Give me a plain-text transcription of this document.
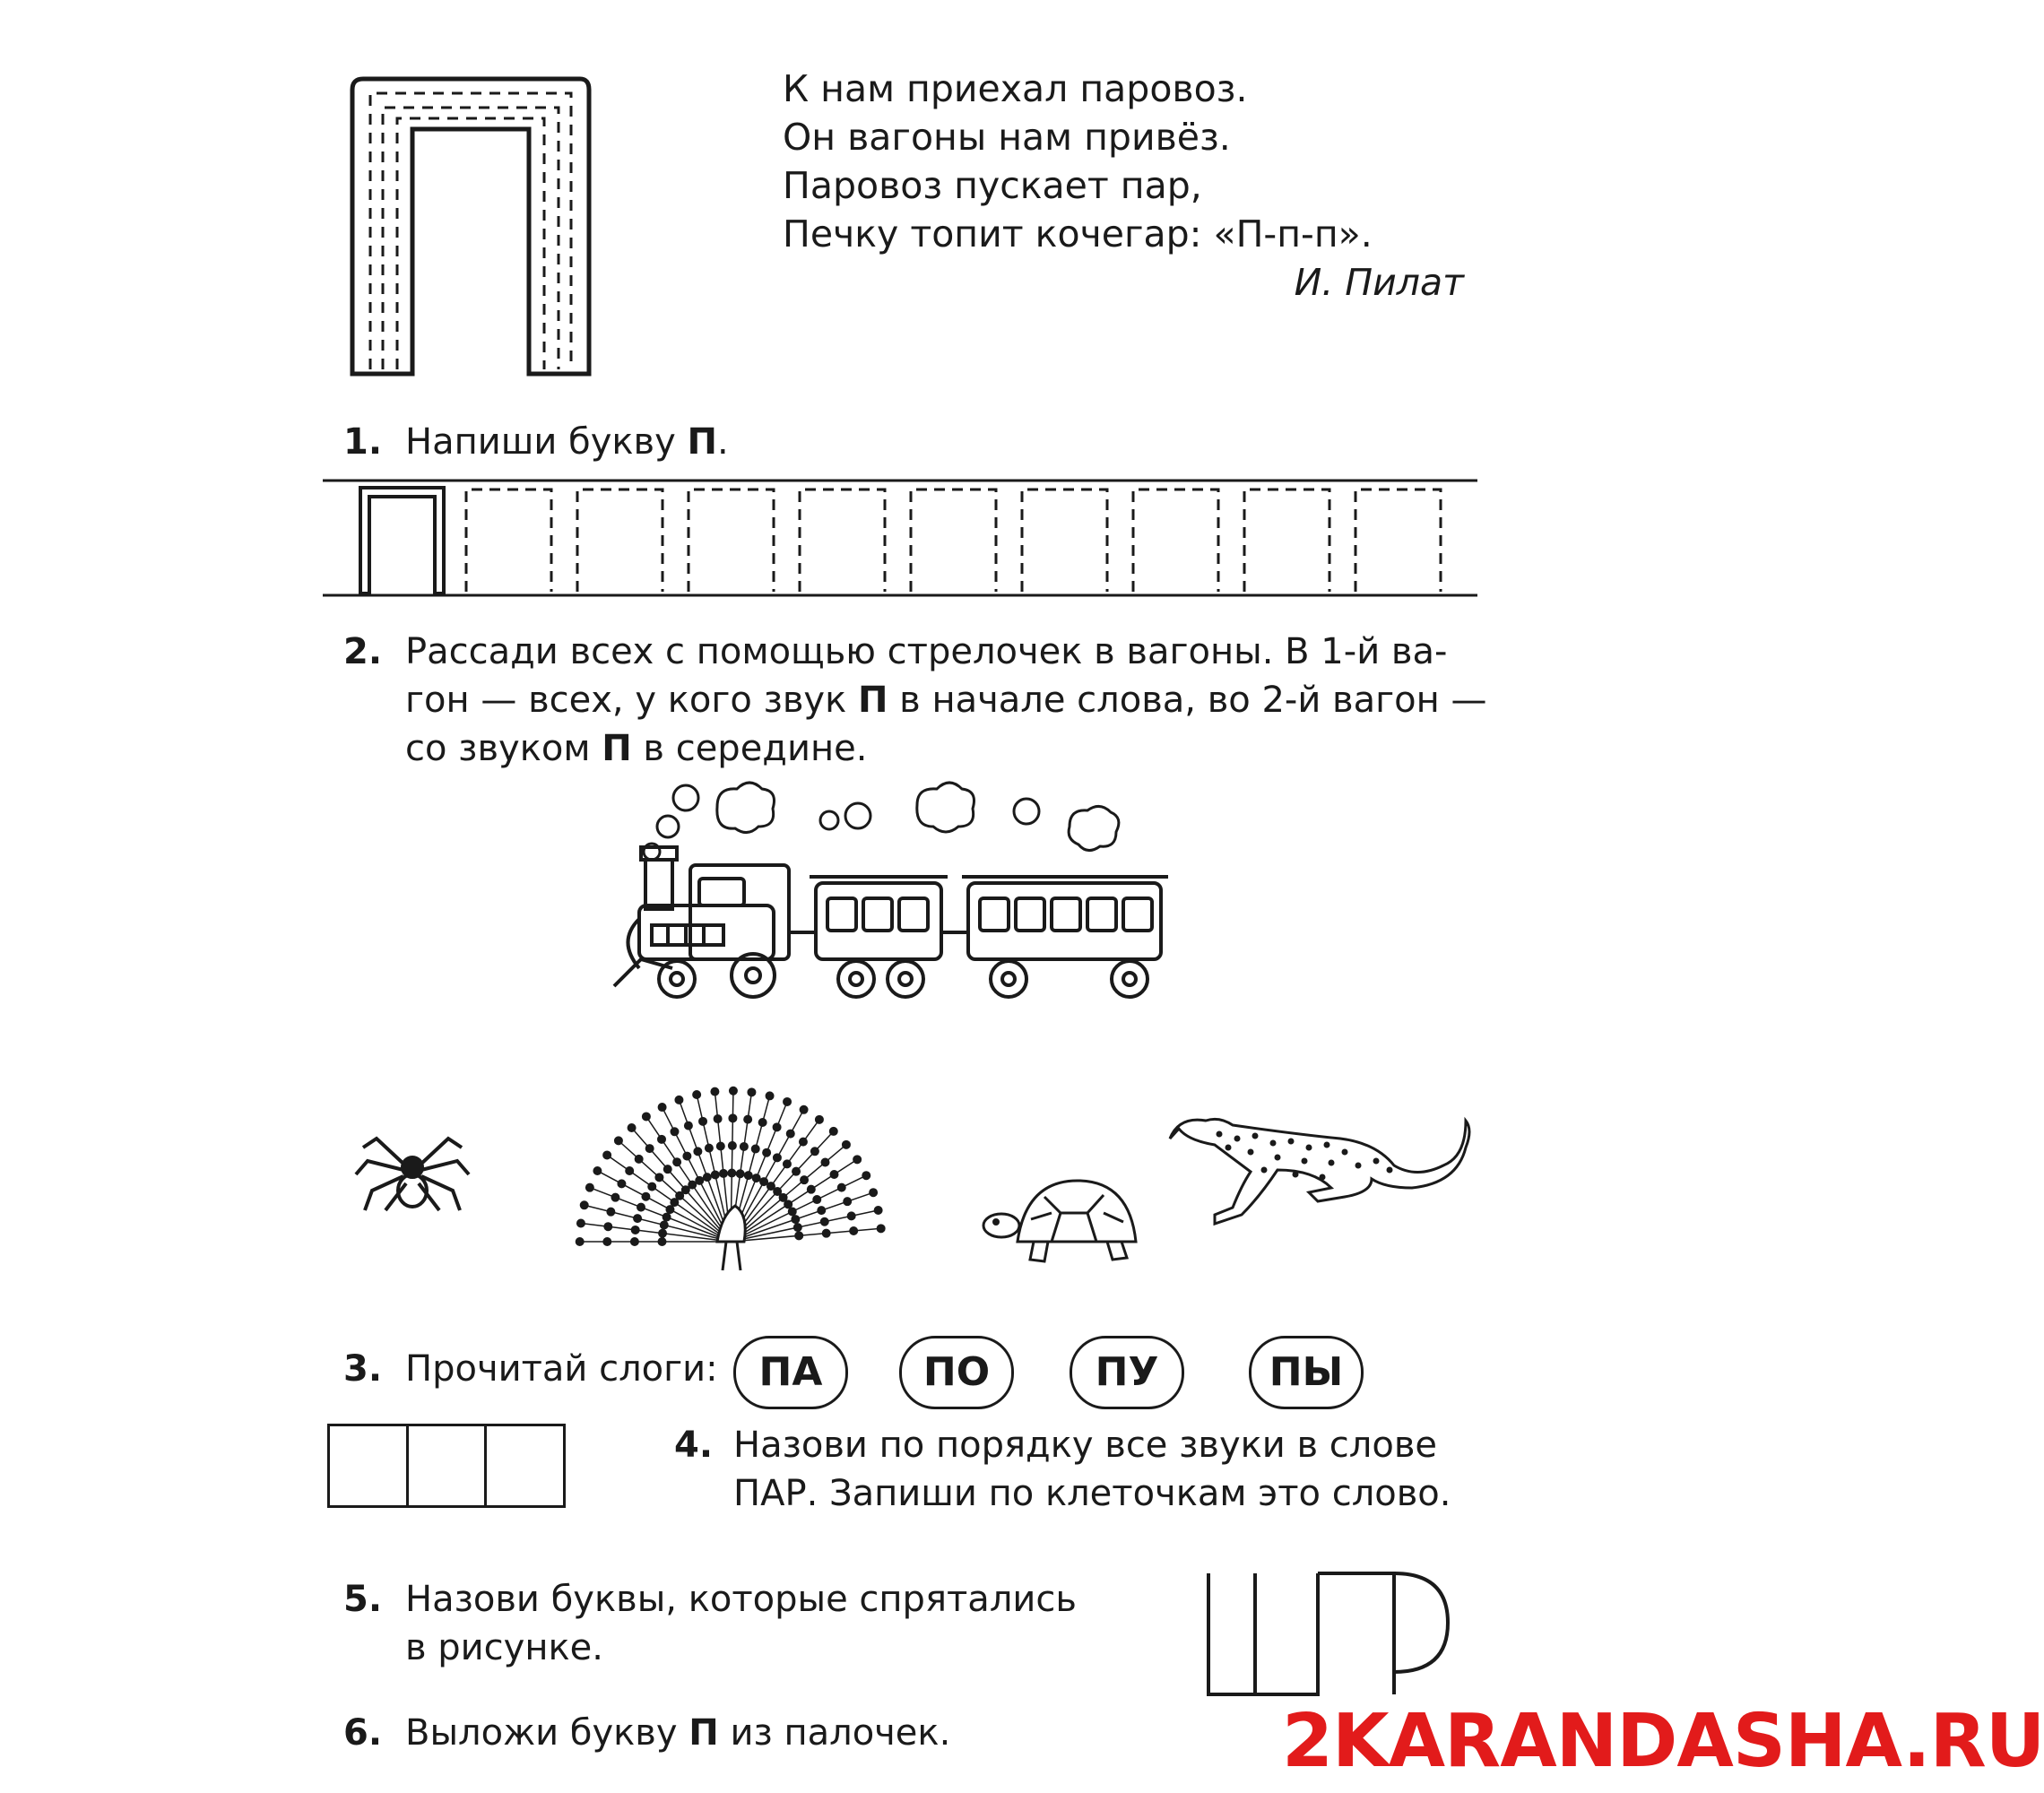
К нам приехал паровоз.
Он вагоны нам привёз.
Паровоз пускает пар,
Печку топит кочегар: «П-п-п».
И. Пилат
1. Напиши букву П.
2. Рассади всех с помощью стрелочек в вагоны. В 1-й ва-
гон — всех, у кого звук П в начале слова, во 2-й вагон —
со звуком П в середине.
3. Прочитай слоги:	ПА	ПО	ПУ	ПЫ
4. Назови по порядку все звуки в слове
ПАР. Запиши по клеточкам это слово.
5. Назови буквы, которые спрятались
в рисунке.
6. Выложи букву П из палочек.	2KARANDASHA.RU
